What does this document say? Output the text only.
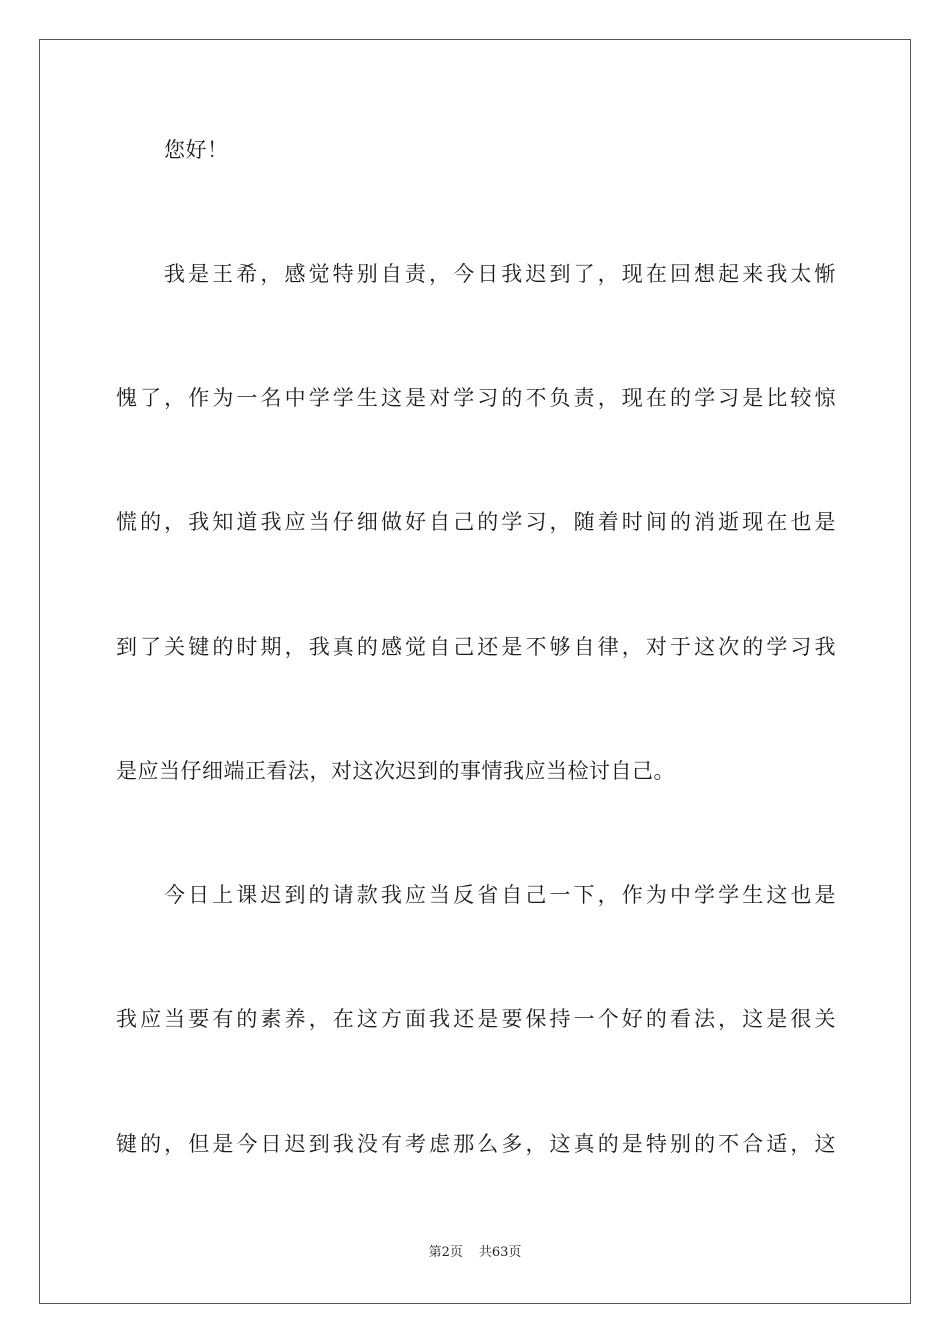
您好！
我是王希，感觉特别自责，今日我迟到了，现在回想起来我太惭
愧了，作为一名中学学生这是对学习的不负责，现在的学习是比较惊
慌的，我知道我应当仔细做好自己的学习，随着时间的消逝现在也是
到了关键的时期，我真的感觉自己还是不够自律，对于这次的学习我
是应当仔细端正看法，对这次迟到的事情我应当检讨自己。
今日上课迟到的请款我应当反省自己一下，作为中学学生这也是
我应当要有的素养，在这方面我还是要保持一个好的看法，这是很关
键的，但是今日迟到我没有考虑那么多，这真的是特别的不合适，这
第2页 共63页
